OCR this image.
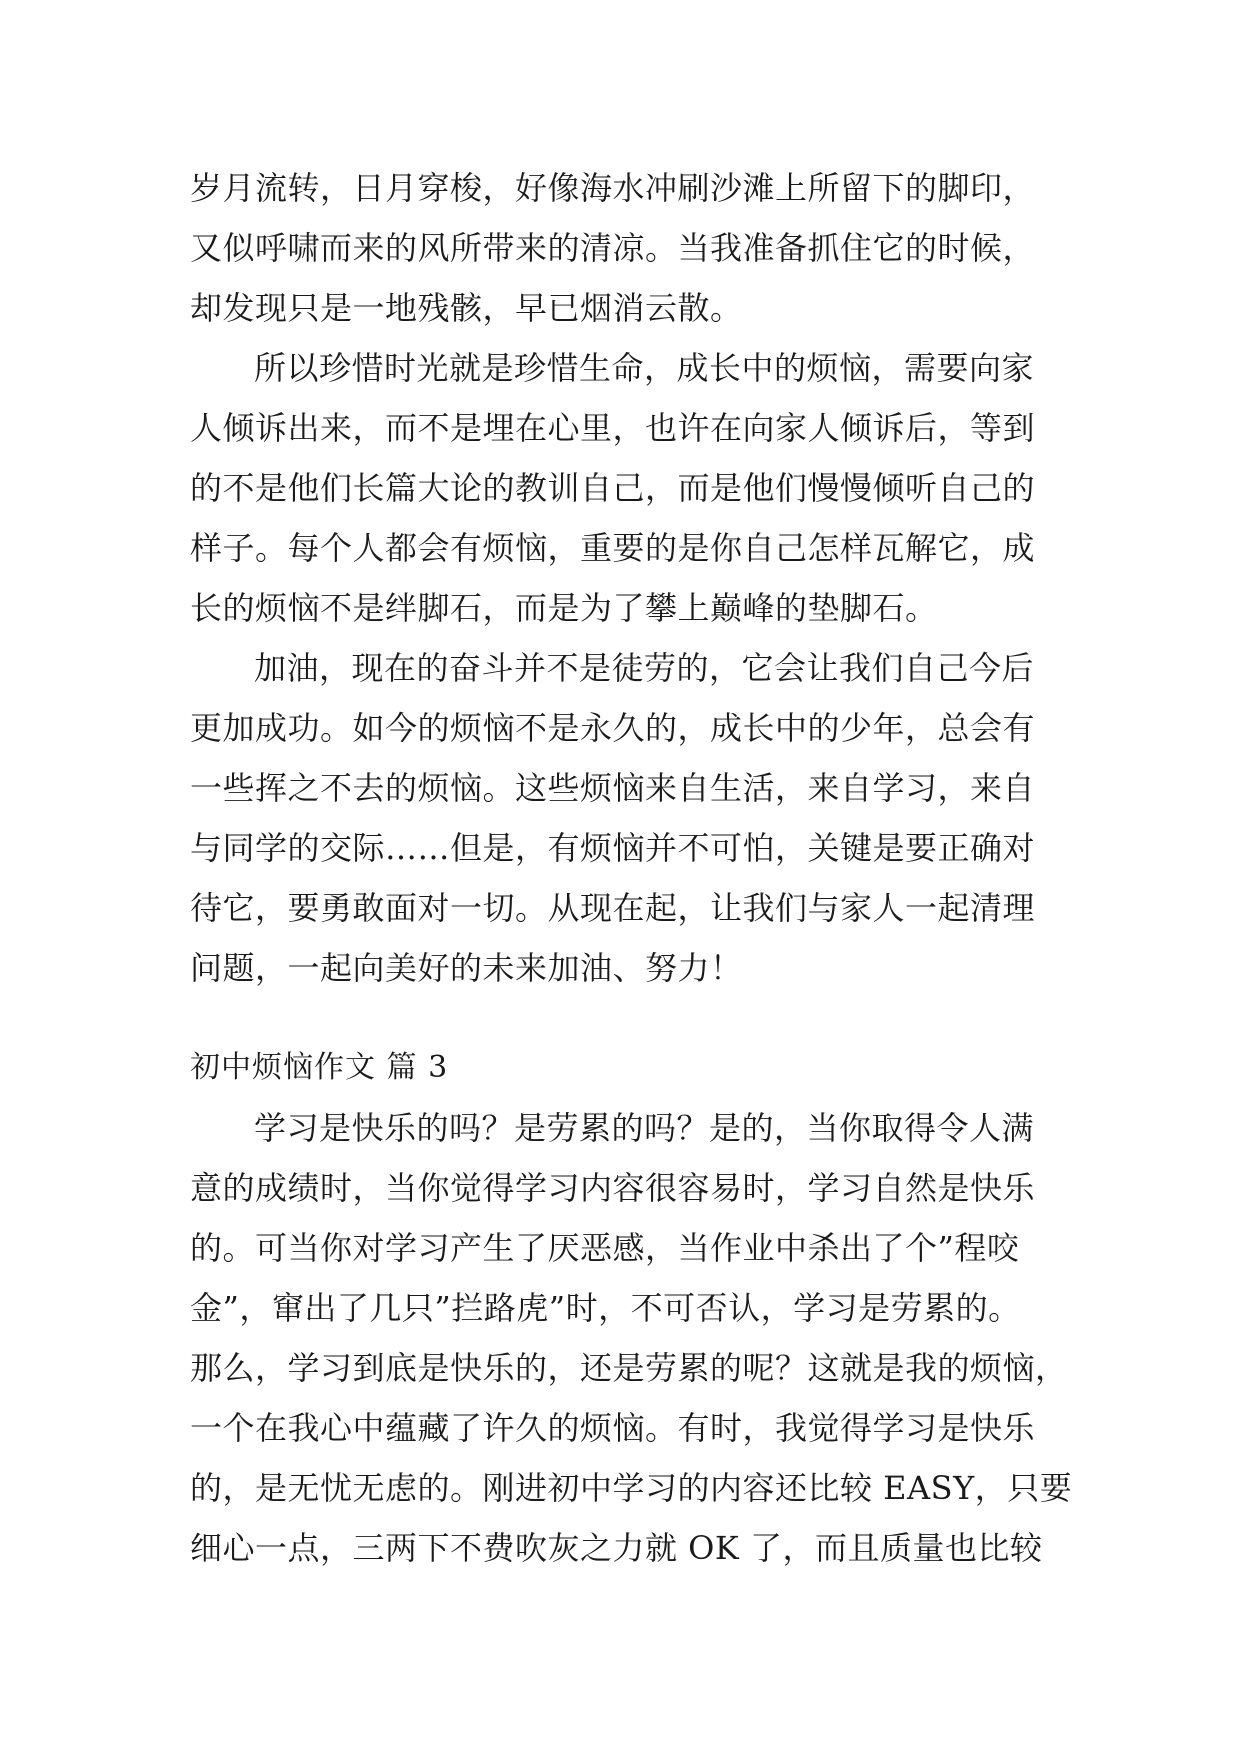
岁月流转，日月穿梭，好像海水冲刷沙滩上所留下的脚印，
又似呼啸而来的风所带来的清凉。当我准备抓住它的时候，
却发现只是一地残骸，早已烟消云散。
所以珍惜时光就是珍惜生命，成长中的烦恼，需要向家
人倾诉出来，而不是埋在心里，也许在向家人倾诉后，等到
的不是他们长篇大论的教训自己，而是他们慢慢倾听自己的
样子。每个人都会有烦恼，重要的是你自己怎样瓦解它，成
长的烦恼不是绊脚石，而是为了攀上巅峰的垫脚石。
加油，现在的奋斗并不是徒劳的，它会让我们自己今后
更加成功。如今的烦恼不是永久的，成长中的少年，总会有
一些挥之不去的烦恼。这些烦恼来自生活，来自学习，来自
与同学的交际……但是，有烦恼并不可怕，关键是要正确对
待它，要勇敢面对一切。从现在起，让我们与家人一起清理
问题，一起向美好的未来加油、努力！
初中烦恼作文 篇 3
学习是快乐的吗？是劳累的吗？是的，当你取得令人满
意的成绩时，当你觉得学习内容很容易时，学习自然是快乐
的。可当你对学习产生了厌恶感，当作业中杀出了个”程咬
金”，窜出了几只”拦路虎”时，不可否认，学习是劳累的。
那么，学习到底是快乐的，还是劳累的呢？这就是我的烦恼，
一个在我心中蕴藏了许久的烦恼。有时，我觉得学习是快乐
的，是无忧无虑的。刚进初中学习的内容还比较 EASY，只要
细心一点，三两下不费吹灰之力就 OK 了，而且质量也比较
